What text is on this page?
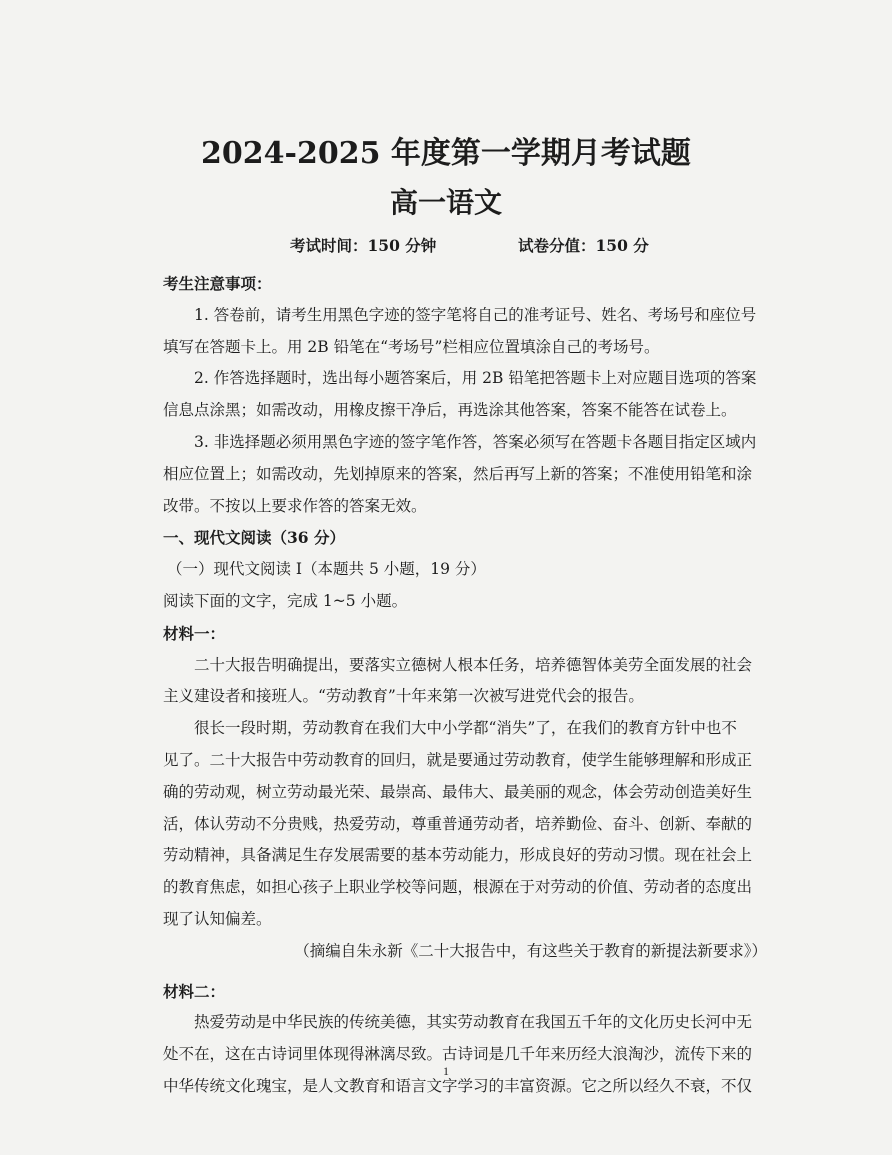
2024-2025 年度第一学期月考试题
高一语文
考试时间：150 分钟	试卷分值：150 分
考生注意事项：
1. 答卷前，请考生用黑色字迹的签字笔将自己的准考证号、姓名、考场号和座位号
填写在答题卡上。用 2B 铅笔在“考场号”栏相应位置填涂自己的考场号。
2. 作答选择题时，选出每小题答案后，用 2B 铅笔把答题卡上对应题目选项的答案
信息点涂黑；如需改动，用橡皮擦干净后，再选涂其他答案，答案不能答在试卷上。
3. 非选择题必须用黑色字迹的签字笔作答，答案必须写在答题卡各题目指定区域内
相应位置上；如需改动，先划掉原来的答案，然后再写上新的答案；不准使用铅笔和涂
改带。不按以上要求作答的答案无效。
一、现代文阅读（36 分）
（一）现代文阅读 I（本题共 5 小题，19 分）
阅读下面的文字，完成 1~5 小题。
材料一：
二十大报告明确提出，要落实立德树人根本任务，培养德智体美劳全面发展的社会
主义建设者和接班人。“劳动教育”十年来第一次被写进党代会的报告。
很长一段时期，劳动教育在我们大中小学都“消失”了，在我们的教育方针中也不
见了。二十大报告中劳动教育的回归，就是要通过劳动教育，使学生能够理解和形成正
确的劳动观，树立劳动最光荣、最崇高、最伟大、最美丽的观念，体会劳动创造美好生
活，体认劳动不分贵贱，热爱劳动，尊重普通劳动者，培养勤俭、奋斗、创新、奉献的
劳动精神，具备满足生存发展需要的基本劳动能力，形成良好的劳动习惯。现在社会上
的教育焦虑，如担心孩子上职业学校等问题，根源在于对劳动的价值、劳动者的态度出
现了认知偏差。
（摘编自朱永新《二十大报告中，有这些关于教育的新提法新要求》）
材料二：
热爱劳动是中华民族的传统美德，其实劳动教育在我国五千年的文化历史长河中无
处不在，这在古诗词里体现得淋漓尽致。古诗词是几千年来历经大浪淘沙，流传下来的
中华传统文化瑰宝，是人文教育和语言文字学习的丰富资源。它之所以经久不衰，不仅
1
